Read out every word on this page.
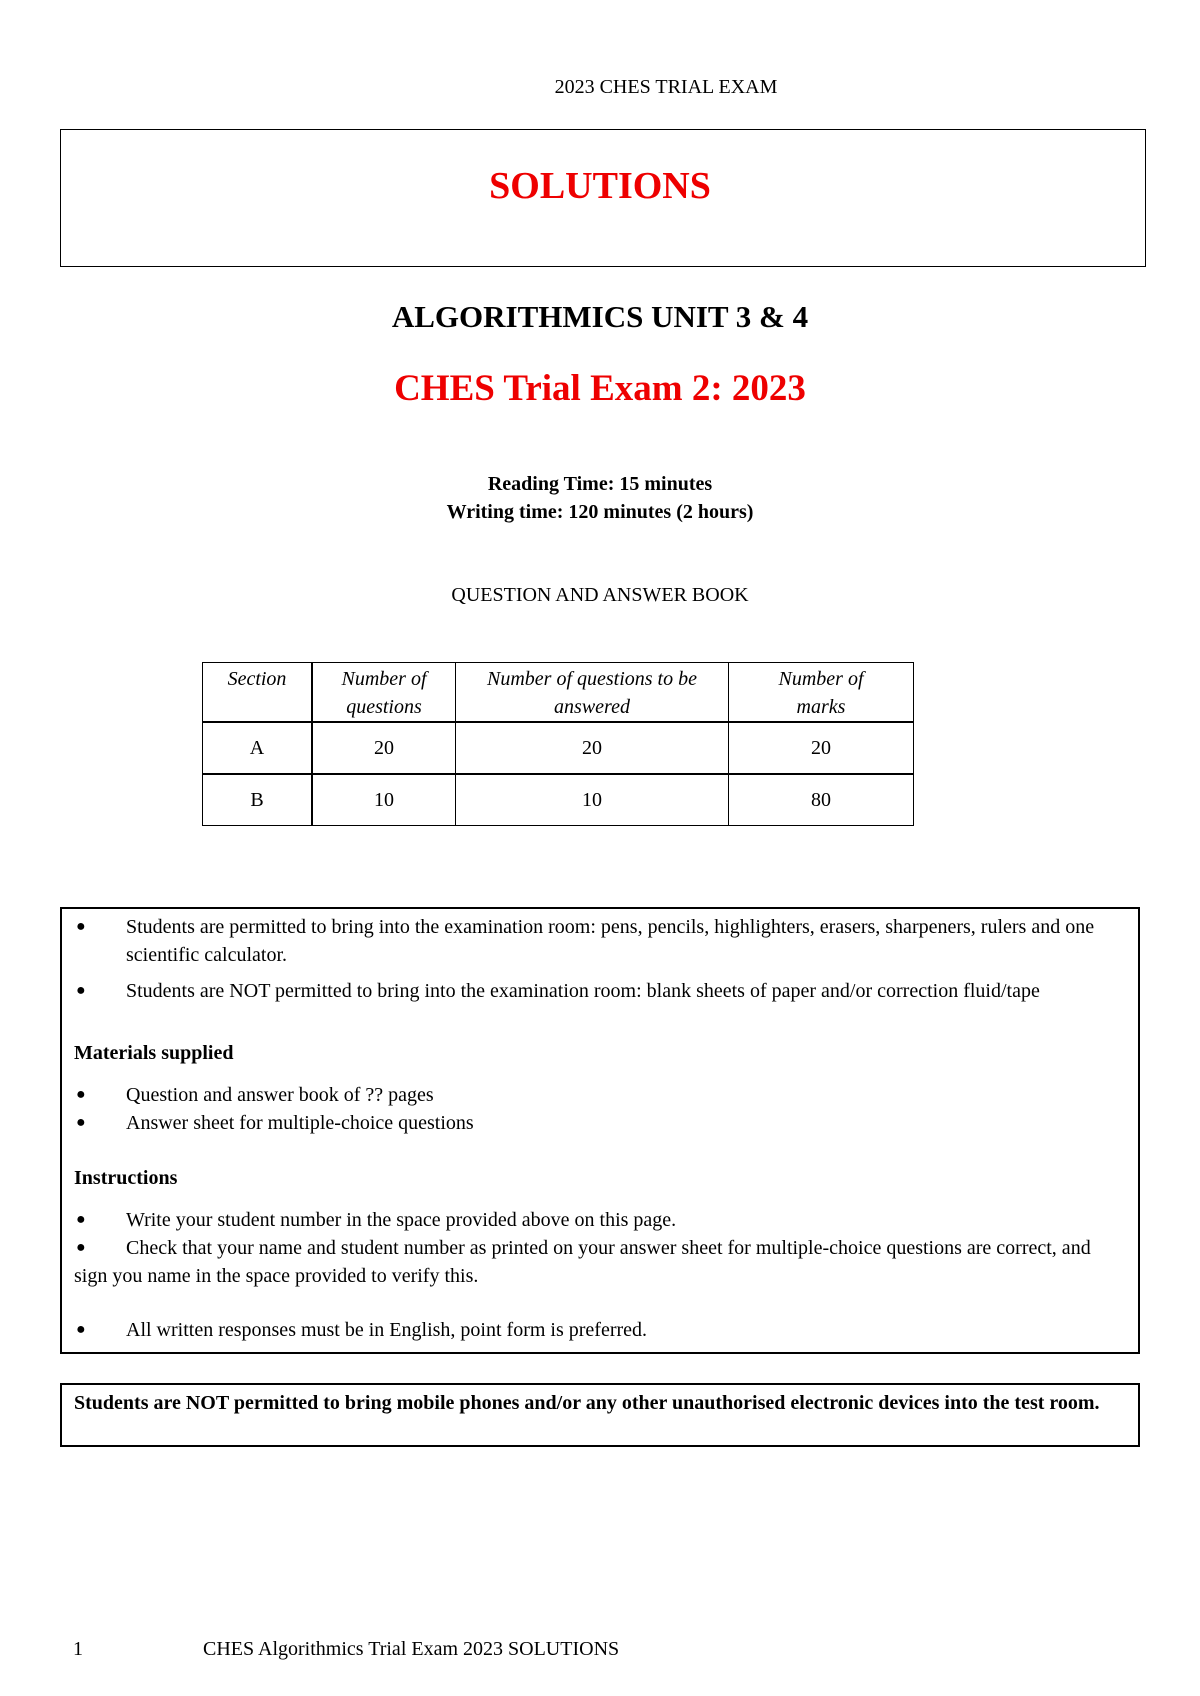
2023 CHES TRIAL EXAM
SOLUTIONS
ALGORITHMICS UNIT 3 & 4
CHES Trial Exam 2: 2023
Reading Time: 15 minutes
Writing time: 120 minutes (2 hours)
QUESTION AND ANSWER BOOK
Section	Number of questions	Number of questions to be answered	Number of marks

A	20	20	20
B	10	10	80
● Students are permitted to bring into the examination room: pens, pencils, highlighters, erasers, sharpeners, rulers and one scientific calculator.
● Students are NOT permitted to bring into the examination room: blank sheets of paper and/or correction fluid/tape
Materials supplied
● Question and answer book of ?? pages
● Answer sheet for multiple-choice questions
Instructions
● Write your student number in the space provided above on this page.
●	Check that your name and student number as printed on your answer sheet for multiple-choice questions are correct, and sign you name in the space provided to verify this.
● All written responses must be in English, point form is preferred.
Students are NOT permitted to bring mobile phones and/or any other unauthorised electronic devices into the test room.
1	CHES Algorithmics Trial Exam 2023 SOLUTIONS
